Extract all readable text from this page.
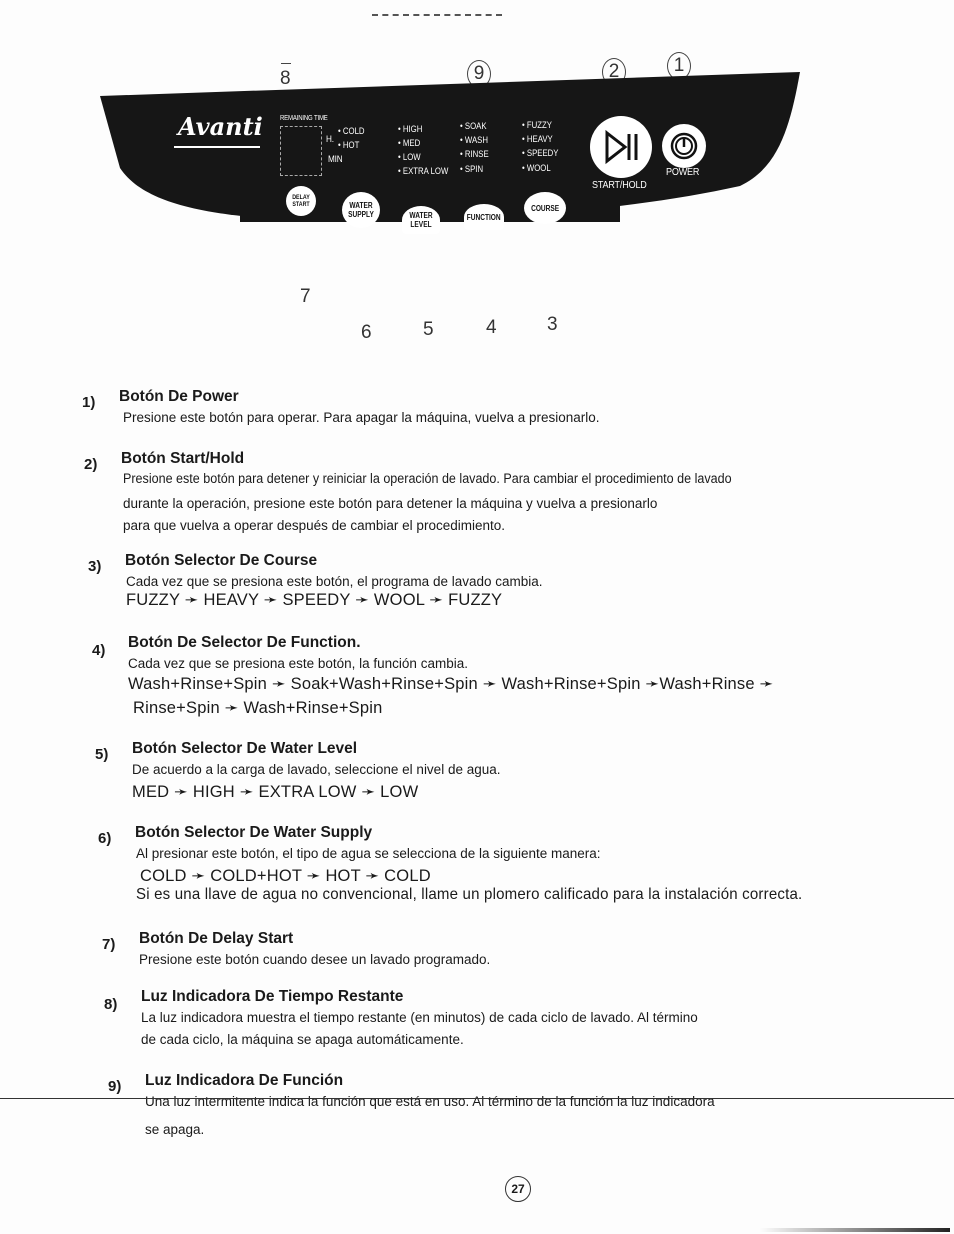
8	9	2	1
Avanti REMAINING TIME
H.
MIN
• COLD
• HOT
• HIGH
• MED
• LOW
• EXTRA LOW
• SOAK
• WASH
• RINSE
• SPIN
• FUZZY
• HEAVY
• SPEEDY
• WOOL
DELAY START	WATER SUPPLY	WATER LEVEL
FUNCTION
COURSE
START/HOLD
POWER
7
6	5	4	3
1) Botón De Power
Presione este botón para operar. Para apagar la máquina, vuelva a presionarlo.
2) Botón Start/Hold
Presione este botón para detener y reiniciar la operación de lavado. Para cambiar el procedimiento de lavado
durante la operación, presione este botón para detener la máquina y vuelva a presionarlo
para que vuelva a operar después de cambiar el procedimiento.
3) Botón Selector De Course
Cada vez que se presiona este botón, el programa de lavado cambia.
FUZZY ➛ HEAVY ➛ SPEEDY ➛ WOOL ➛ FUZZY
4) Botón De Selector De Function.
Cada vez que se presiona este botón, la función cambia.
Wash+Rinse+Spin ➛ Soak+Wash+Rinse+Spin ➛ Wash+Rinse+Spin ➛Wash+Rinse ➛
Rinse+Spin ➛ Wash+Rinse+Spin
5) Botón Selector De Water Level
De acuerdo a la carga de lavado, seleccione el nivel de agua.
MED ➛ HIGH ➛ EXTRA LOW ➛ LOW
6) Botón Selector De Water Supply
Al presionar este botón, el tipo de agua se selecciona de la siguiente manera:
COLD ➛ COLD+HOT ➛ HOT ➛ COLD
Si es una llave de agua no convencional, llame un plomero calificado para la instalación correcta.
7) Botón De Delay Start
Presione este botón cuando desee un lavado programado.
8) Luz Indicadora De Tiempo Restante
La luz indicadora muestra el tiempo restante (en minutos) de cada ciclo de lavado. Al término
de cada ciclo, la máquina se apaga automáticamente.
9) Luz Indicadora De Función
Una luz intermitente indica la función que está en uso. Al término de la función la luz indicadora
se apaga.
27
